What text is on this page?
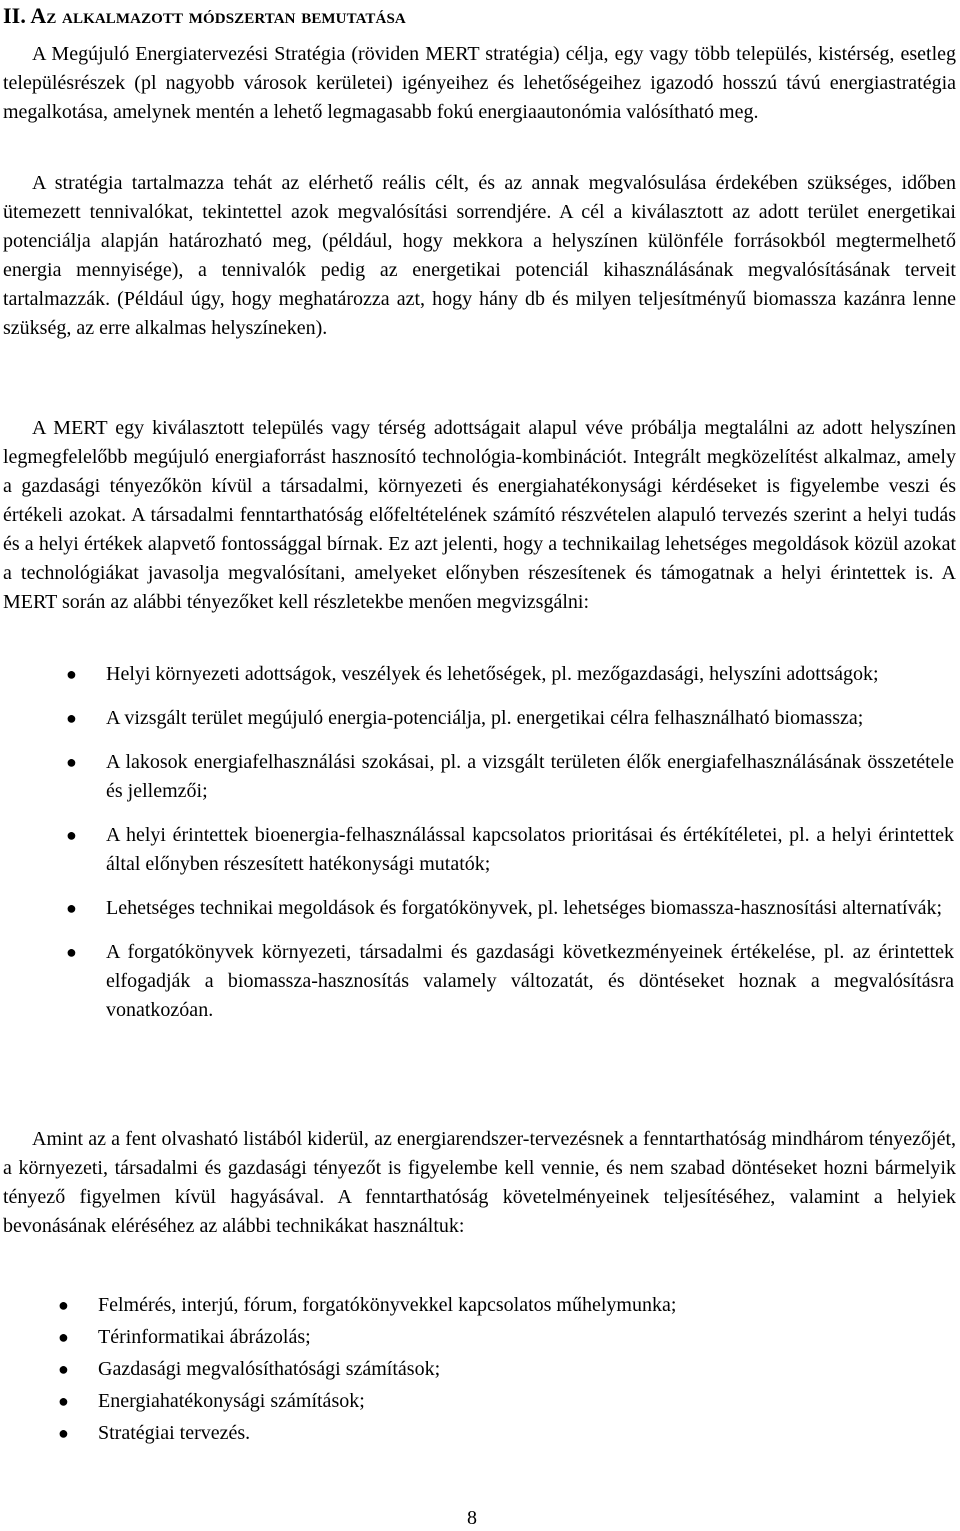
II. Az alkalmazott módszertan bemutatása

A Megújuló Energiatervezési Stratégia (röviden MERT stratégia) célja, egy vagy több település, kistérség, esetleg településrészek (pl nagyobb városok kerületei) igényeihez és lehetőségeihez igazodó hosszú távú energiastratégia megalkotása, amelynek mentén a lehető legmagasabb fokú energiaautonómia valósítható meg.

A stratégia tartalmazza tehát az elérhető reális célt, és az annak megvalósulása érdekében szükséges, időben ütemezett tennivalókat, tekintettel azok megvalósítási sorrendjére. A cél a kiválasztott az adott terület energetikai potenciálja alapján határozható meg, (például, hogy mekkora a helyszínen különféle forrásokból megtermelhető energia mennyisége), a tennivalók pedig az energetikai potenciál kihasználásának megvalósításának terveit tartalmazzák. (Például úgy, hogy meghatározza azt, hogy hány db és milyen teljesítményű biomassza kazánra lenne szükség, az erre alkalmas helyszíneken).

A MERT egy kiválasztott település vagy térség adottságait alapul véve próbálja megtalálni az adott helyszínen legmegfelelőbb megújuló energiaforrást hasznosító technológia-kombinációt. Integrált megközelítést alkalmaz, amely a gazdasági tényezőkön kívül a társadalmi, környezeti és energiahatékonysági kérdéseket is figyelembe veszi és értékeli azokat. A társadalmi fenntarthatóság előfeltételének számító részvételen alapuló tervezés szerint a helyi tudás és a helyi értékek alapvető fontossággal bírnak. Ez azt jelenti, hogy a technikailag lehetséges megoldások közül azokat a technológiákat javasolja megvalósítani, amelyeket előnyben részesítenek és támogatnak a helyi érintettek is. A MERT során az alábbi tényezőket kell részletekbe menően megvizsgálni:

● Helyi környezeti adottságok, veszélyek és lehetőségek, pl. mezőgazdasági, helyszíni adottságok;
● A vizsgált terület megújuló energia-potenciálja, pl. energetikai célra felhasználható biomassza;
● A lakosok energiafelhasználási szokásai, pl. a vizsgált területen élők energiafelhasználásának összetétele és jellemzői;
● A helyi érintettek bioenergia-felhasználással kapcsolatos prioritásai és értékítéletei, pl. a helyi érintettek által előnyben részesített hatékonysági mutatók;
● Lehetséges technikai megoldások és forgatókönyvek, pl. lehetséges biomassza-hasznosítási alternatívák;
● A forgatókönyvek környezeti, társadalmi és gazdasági következményeinek értékelése, pl. az érintettek elfogadják a biomassza-hasznosítás valamely változatát, és döntéseket hoznak a megvalósításra vonatkozóan.

Amint az a fent olvasható listából kiderül, az energiarendszer-tervezésnek a fenntarthatóság mindhárom tényezőjét, a környezeti, társadalmi és gazdasági tényezőt is figyelembe kell vennie, és nem szabad döntéseket hozni bármelyik tényező figyelmen kívül hagyásával. A fenntarthatóság követelményeinek teljesítéséhez, valamint a helyiek bevonásának eléréséhez az alábbi technikákat használtuk:

● Felmérés, interjú, fórum, forgatókönyvekkel kapcsolatos műhelymunka;
● Térinformatikai ábrázolás;
● Gazdasági megvalósíthatósági számítások;
● Energiahatékonysági számítások;
● Stratégiai tervezés.
8
